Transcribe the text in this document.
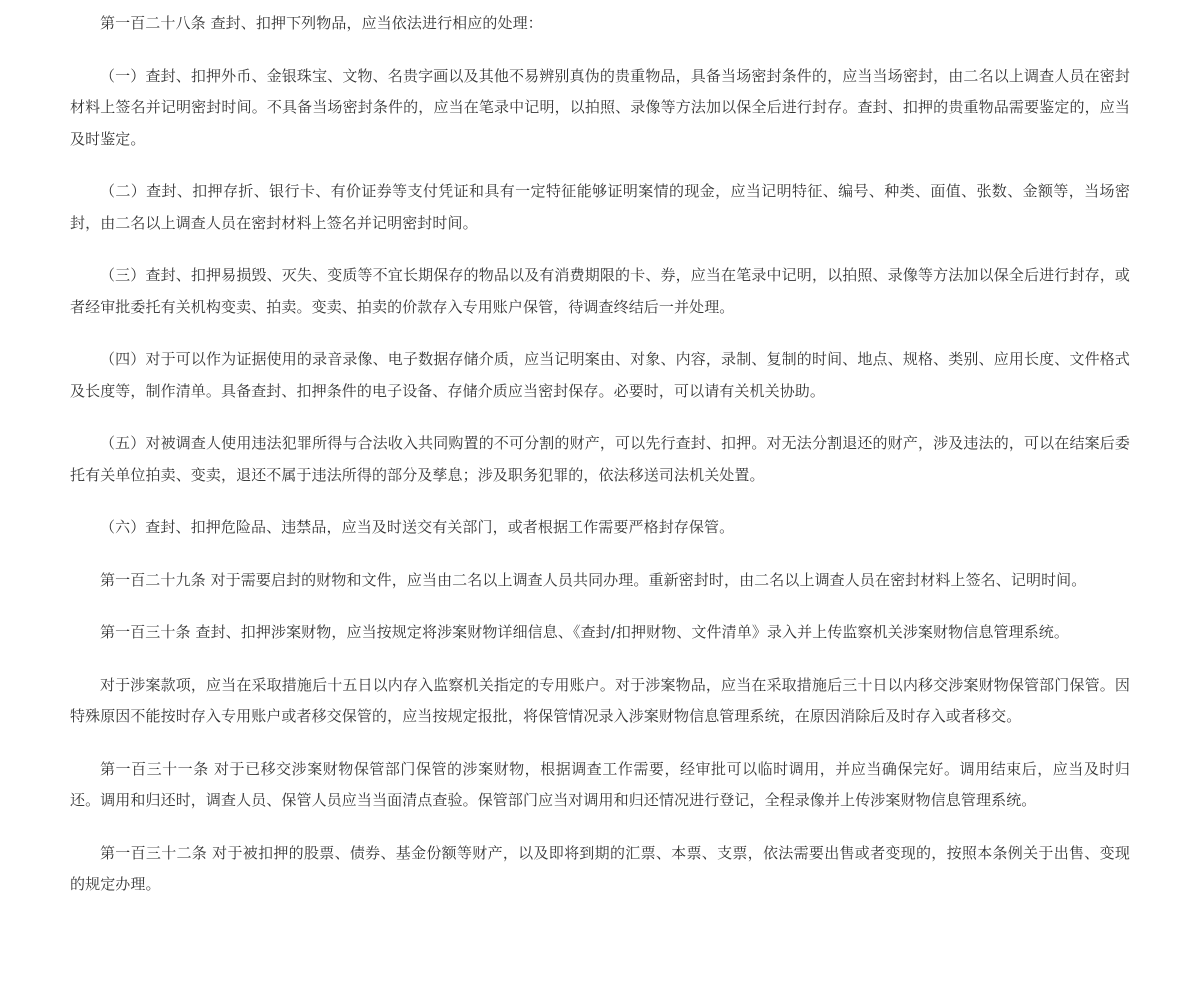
第一百二十八条 查封、扣押下列物品，应当依法进行相应的处理：

（一）查封、扣押外币、金银珠宝、文物、名贵字画以及其他不易辨别真伪的贵重物品，具备当场密封条件的，应当当场密封，由二名以上调查人员在密封材料上签名并记明密封时间。不具备当场密封条件的，应当在笔录中记明，以拍照、录像等方法加以保全后进行封存。查封、扣押的贵重物品需要鉴定的，应当及时鉴定。

（二）查封、扣押存折、银行卡、有价证券等支付凭证和具有一定特征能够证明案情的现金，应当记明特征、编号、种类、面值、张数、金额等，当场密封，由二名以上调查人员在密封材料上签名并记明密封时间。

（三）查封、扣押易损毁、灭失、变质等不宜长期保存的物品以及有消费期限的卡、券，应当在笔录中记明，以拍照、录像等方法加以保全后进行封存，或者经审批委托有关机构变卖、拍卖。变卖、拍卖的价款存入专用账户保管，待调查终结后一并处理。

（四）对于可以作为证据使用的录音录像、电子数据存储介质，应当记明案由、对象、内容，录制、复制的时间、地点、规格、类别、应用长度、文件格式及长度等，制作清单。具备查封、扣押条件的电子设备、存储介质应当密封保存。必要时，可以请有关机关协助。

（五）对被调查人使用违法犯罪所得与合法收入共同购置的不可分割的财产，可以先行查封、扣押。对无法分割退还的财产，涉及违法的，可以在结案后委托有关单位拍卖、变卖，退还不属于违法所得的部分及孳息；涉及职务犯罪的，依法移送司法机关处置。

（六）查封、扣押危险品、违禁品，应当及时送交有关部门，或者根据工作需要严格封存保管。

第一百二十九条 对于需要启封的财物和文件，应当由二名以上调查人员共同办理。重新密封时，由二名以上调查人员在密封材料上签名、记明时间。

第一百三十条 查封、扣押涉案财物，应当按规定将涉案财物详细信息、《查封/扣押财物、文件清单》录入并上传监察机关涉案财物信息管理系统。

对于涉案款项，应当在采取措施后十五日以内存入监察机关指定的专用账户。对于涉案物品，应当在采取措施后三十日以内移交涉案财物保管部门保管。因特殊原因不能按时存入专用账户或者移交保管的，应当按规定报批，将保管情况录入涉案财物信息管理系统，在原因消除后及时存入或者移交。

第一百三十一条 对于已移交涉案财物保管部门保管的涉案财物，根据调查工作需要，经审批可以临时调用，并应当确保完好。调用结束后，应当及时归还。调用和归还时，调查人员、保管人员应当当面清点查验。保管部门应当对调用和归还情况进行登记，全程录像并上传涉案财物信息管理系统。

第一百三十二条 对于被扣押的股票、债券、基金份额等财产，以及即将到期的汇票、本票、支票，依法需要出售或者变现的，按照本条例关于出售、变现的规定办理。
